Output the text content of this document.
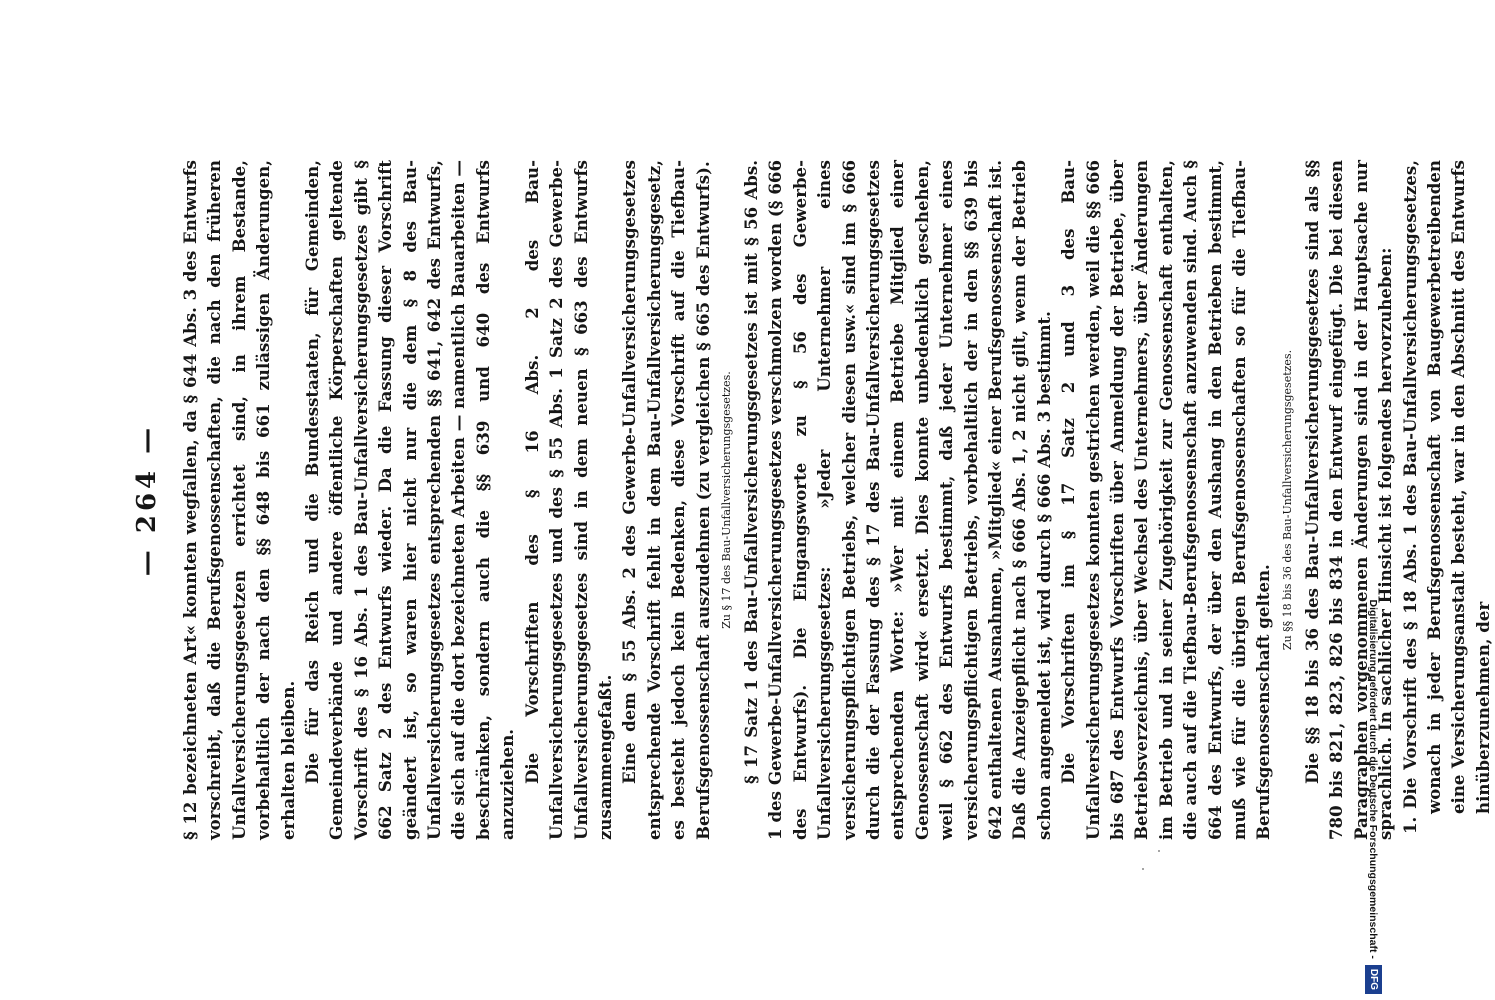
— 264 —	§ 12 bezeichneten Art« konnten wegfallen, da § 644 Abs. 3 des Entwurfs vorschreibt, daß die Berufsgenossenschaften, die nach den früheren Unfallversicherungsgesetzen errichtet sind, in ihrem Bestande, vorbehaltlich der nach den §§ 648 bis 661 zulässigen Änderungen, erhalten bleiben. Die für das Reich und die Bundesstaaten, für Gemeinden, Gemeindeverbände und andere öffentliche Körperschaften geltende Vorschrift des § 16 Abs. 1 des Bau-Unfallversicherungsgesetzes gibt § 662 Satz 2 des Entwurfs wieder. Da die Fassung dieser Vorschrift geändert ist, so waren hier nicht nur die dem § 8 des Bau-Unfallversicherungsgesetzes entsprechenden §§ 641, 642 des Entwurfs, die sich auf die dort bezeichneten Arbeiten — namentlich Bauarbeiten — beschränken, sondern auch die §§ 639 und 640 des Entwurfs anzuziehen.

Die Vorschriften des § 16 Abs. 2 des Bau-Unfallversicherungsgesetzes und des § 55 Abs. 1 Satz 2 des Gewerbe-Unfallversicherungsgesetzes sind in dem neuen § 663 des Entwurfs zusammengefaßt. Eine dem § 55 Abs. 2 des Gewerbe-Unfallversicherungsgesetzes entsprechende Vorschrift fehlt in dem Bau-Unfallversicherungsgesetz, es besteht jedoch kein Bedenken, diese Vorschrift auf die Tiefbau-Berufsgenossenschaft auszudehnen (zu vergleichen § 665 des Entwurfs). Zu § 17 des Bau-Unfallversicherungsgesetzes. § 17 Satz 1 des Bau-Unfallversicherungsgesetzes ist mit § 56 Abs. 1 des Gewerbe-Unfallversicherungsgesetzes verschmolzen worden (§ 666 des Entwurfs). Die Eingangsworte zu § 56 des Gewerbe-Unfallversicherungsgesetzes: »Jeder Unternehmer eines versicherungspflichtigen Betriebs, welcher diesen usw.« sind im § 666 durch die der Fassung des § 17 des Bau-Unfallversicherungsgesetzes entsprechenden Worte: »Wer mit einem Betriebe Mitglied einer Genossenschaft wird« ersetzt. Dies konnte unbedenklich geschehen, weil § 662 des Entwurfs bestimmt, daß jeder Unternehmer eines versicherungspflichtigen Betriebs, vorbehaltlich der in den §§ 639 bis 642 enthaltenen Ausnahmen, »Mitglied« einer Berufsgenossenschaft ist. Daß die Anzeigepflicht nach § 666 Abs. 1, 2 nicht gilt, wenn der Betrieb schon angemeldet ist, wird durch § 666 Abs. 3 bestimmt. Die Vorschriften im § 17 Satz 2 und 3 des Bau-Unfallversicherungsgesetzes konnten gestrichen werden, weil die §§ 666 bis 687 des Entwurfs Vorschriften über Anmeldung der Betriebe, über Betriebsverzeichnis, über Wechsel des Unternehmers, über Änderungen im Betrieb und in seiner Zugehörigkeit zur Genossenschaft enthalten, die auch auf die Tiefbau-Berufsgenossenschaft anzuwenden sind. Auch § 664 des Entwurfs, der über den Aushang in den Betrieben bestimmt, muß wie für die übrigen Berufsgenossenschaften so für die Tiefbau-Berufsgenossenschaft gelten.

Zu §§ 18 bis 36 des Bau-Unfallversicherungsgesetzes. Die §§ 18 bis 36 des Bau-Unfallversicherungsgesetzes sind als §§ 780 bis 821, 823, 826 bis 834 in den Entwurf eingefügt. Die bei diesen Paragraphen vorgenommenen Änderungen sind in der Hauptsache nur sprachlich. In sachlicher Hinsicht ist folgendes hervorzuheben: 1. Die Vorschrift des § 18 Abs. 1 des Bau-Unfallversicherungsgesetzes, wonach in jeder Berufsgenossenschaft von Baugewerbetreibenden eine Versicherungsanstalt besteht, war in den Abschnitt des Entwurfs hinüberzunehmen, der

Digitalisierung gefördert durch die Deutsche Forschungsgemeinschaft -
DFG
